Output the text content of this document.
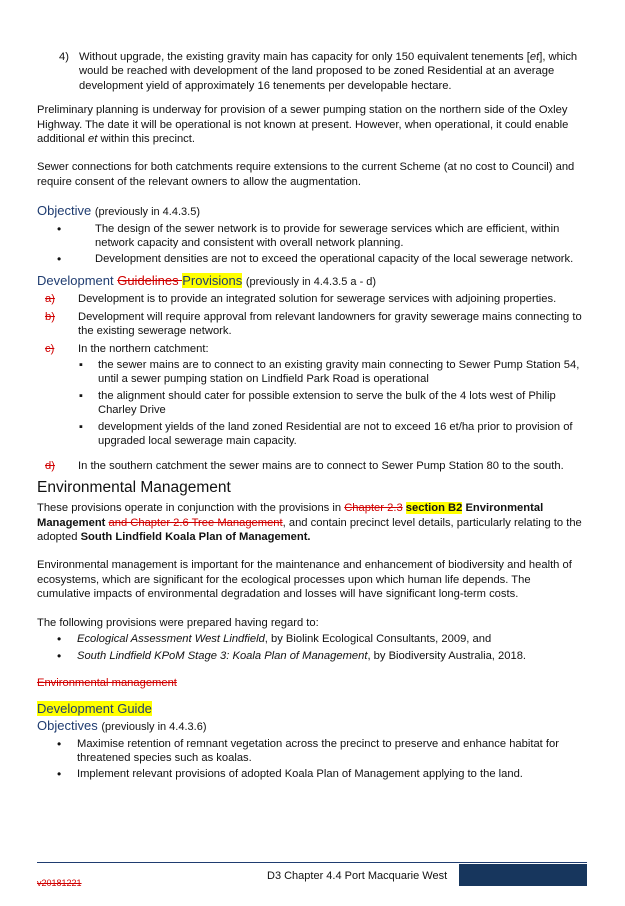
4) Without upgrade, the existing gravity main has capacity for only 150 equivalent tenements [et], which would be reached with development of the land proposed to be zoned Residential at an average development yield of approximately 16 tenements per developable hectare.

Preliminary planning is underway for provision of a sewer pumping station on the northern side of the Oxley Highway. The date it will be operational is not known at present. However, when operational, it could enable additional et within this precinct.

Sewer connections for both catchments require extensions to the current Scheme (at no cost to Council) and require consent of the relevant owners to allow the augmentation.

Objective (previously in 4.4.3.5)
•
The design of the sewer network is to provide for sewerage services which are efficient, within network capacity and consistent with overall network planning.
•
Development densities are not to exceed the operational capacity of the local sewerage network.
Development Guidelines Provisions (previously in 4.4.3.5 a - d)
a)	Development is to provide an integrated solution for sewerage services with adjoining properties.
b)	Development will require approval from relevant landowners for gravity sewerage mains connecting to the existing sewerage network.
c)	In the northern catchment:
▪
the sewer mains are to connect to an existing gravity main connecting to Sewer Pump Station 54, until a sewer pumping station on Lindfield Park Road is operational
▪
the alignment should cater for possible extension to serve the bulk of the 4 lots west of Philip Charley Drive
▪
development yields of the land zoned Residential are not to exceed 16 et/ha prior to provision of upgraded local sewerage main capacity.
d)	In the southern catchment the sewer mains are to connect to Sewer Pump Station 80 to the south.
Environmental Management

These provisions operate in conjunction with the provisions in Chapter 2.3 section B2 Environmental Management and Chapter 2.6 Tree Management, and contain precinct level details, particularly relating to the adopted South Lindfield Koala Plan of Management.

Environmental management is important for the maintenance and enhancement of biodiversity and health of ecosystems, which are significant for the ecological processes upon which human life depends. The cumulative impacts of environmental degradation and losses will have significant long-term costs.

The following provisions were prepared having regard to:

•
Ecological Assessment West Lindfield, by Biolink Ecological Consultants, 2009, and
•
South Lindfield KPoM Stage 3: Koala Plan of Management, by Biodiversity Australia, 2018.

Environmental management

Development Guide
Objectives (previously in 4.4.3.6)
•
Maximise retention of remnant vegetation across the precinct to preserve and enhance habitat for threatened species such as koalas.
•
Implement relevant provisions of adopted Koala Plan of Management applying to the land.
v20181221
D3 Chapter 4.4 Port Macquarie West
